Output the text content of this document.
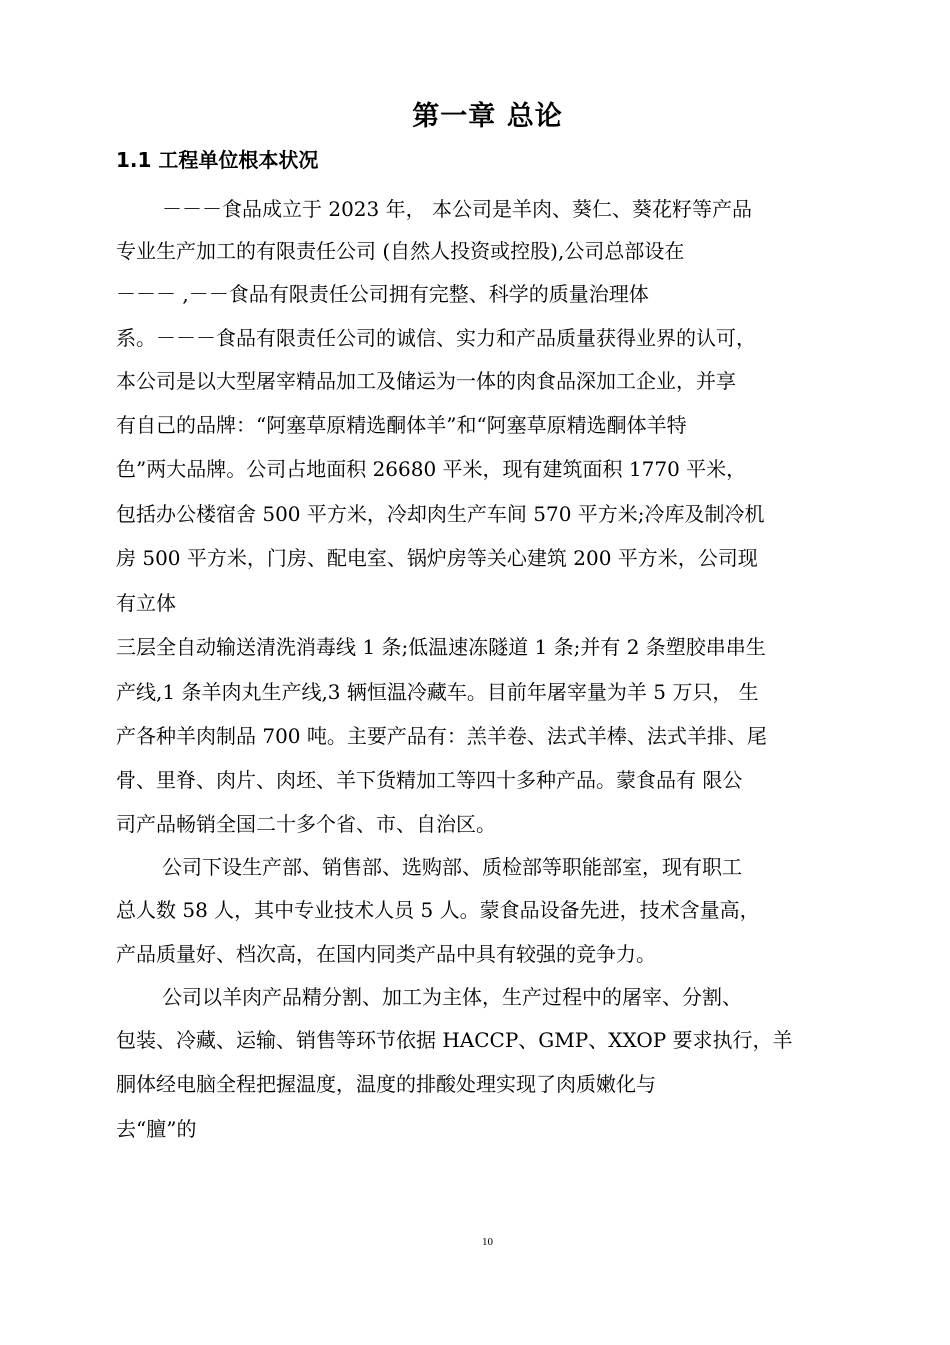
第一章 总论
1.1 工程单位根本状况
－－－食品成立于 2023 年， 本公司是羊肉、葵仁、葵花籽等产品
专业生产加工的有限责任公司 (自然人投资或控股),公司总部设在
－－－ ,－－食品有限责任公司拥有完整、科学的质量治理体
系。－－－食品有限责任公司的诚信、实力和产品质量获得业界的认可，
本公司是以大型屠宰精品加工及储运为一体的肉食品深加工企业，并享
有自己的品牌：“阿塞草原精选酮体羊”和“阿塞草原精选酮体羊特
色”两大品牌。公司占地面积 26680 平米，现有建筑面积 1770 平米，
包括办公楼宿舍 500 平方米，冷却肉生产车间 570 平方米;冷库及制冷机
房 500 平方米，门房、配电室、锅炉房等关心建筑 200 平方米，公司现
有立体
三层全自动输送清洗消毒线 1 条;低温速冻隧道 1 条;并有 2 条塑胶串串生
产线,1 条羊肉丸生产线,3 辆恒温冷藏车。目前年屠宰量为羊 5 万只， 生
产各种羊肉制品 700 吨。主要产品有：羔羊卷、法式羊棒、法式羊排、尾
骨、里脊、肉片、肉坯、羊下货精加工等四十多种产品。蒙食品有 限公
司产品畅销全国二十多个省、市、自治区。
公司下设生产部、销售部、选购部、质检部等职能部室，现有职工
总人数 58 人，其中专业技术人员 5 人。蒙食品设备先进，技术含量高，
产品质量好、档次高，在国内同类产品中具有较强的竞争力。
公司以羊肉产品精分割、加工为主体，生产过程中的屠宰、分割、
包装、冷藏、运输、销售等环节依据 HACCP、GMP、XXOP 要求执行，羊
胴体经电脑全程把握温度，温度的排酸处理实现了肉质嫩化与
去“膻”的
10
